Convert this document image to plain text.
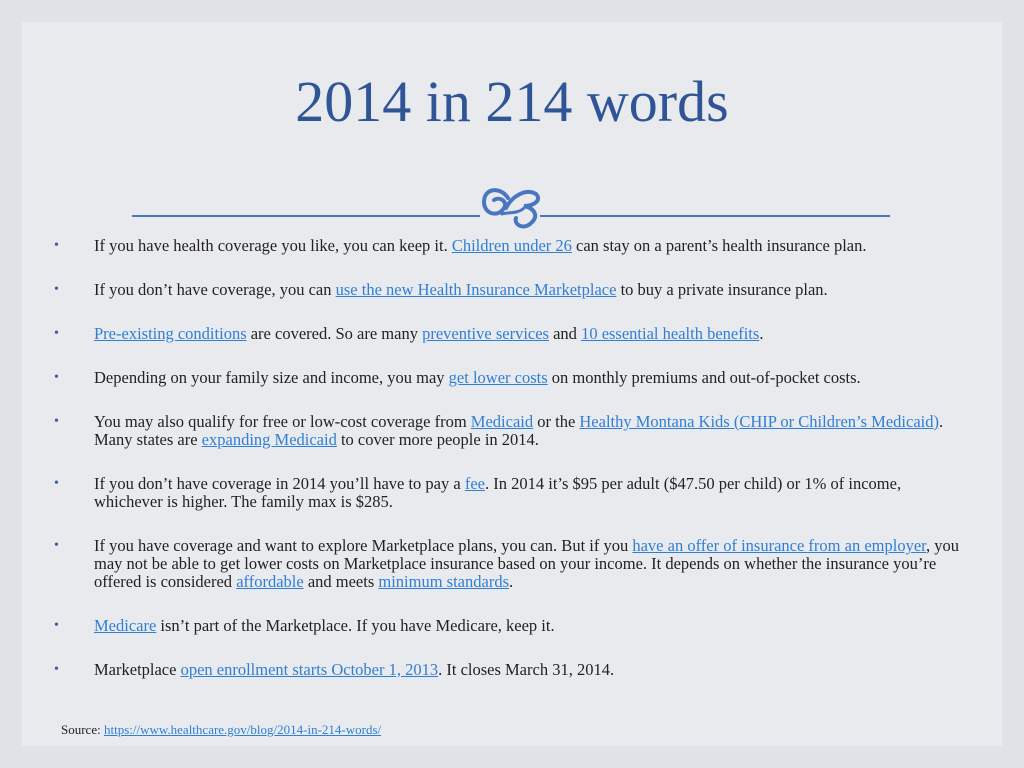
2014 in 214 words
• If you have health coverage you like, you can keep it. Children under 26 can stay on a parent’s health insurance plan.
• If you don’t have coverage, you can use the new Health Insurance Marketplace to buy a private insurance plan.
• Pre-existing conditions are covered. So are many preventive services and 10 essential health benefits.
• Depending on your family size and income, you may get lower costs on monthly premiums and out-of-pocket costs.
• You may also qualify for free or low-cost coverage from Medicaid or the Healthy Montana Kids (CHIP or Children’s Medicaid). Many states are expanding Medicaid to cover more people in 2014.
• If you don’t have coverage in 2014 you’ll have to pay a fee. In 2014 it’s $95 per adult ($47.50 per child) or 1% of income, whichever is higher. The family max is $285.
• If you have coverage and want to explore Marketplace plans, you can. But if you have an offer of insurance from an employer, you may not be able to get lower costs on Marketplace insurance based on your income. It depends on whether the insurance you’re offered is considered affordable and meets minimum standards.
• Medicare isn’t part of the Marketplace. If you have Medicare, keep it.
• Marketplace open enrollment starts October 1, 2013. It closes March 31, 2014.
Source: https://www.healthcare.gov/blog/2014-in-214-words/
